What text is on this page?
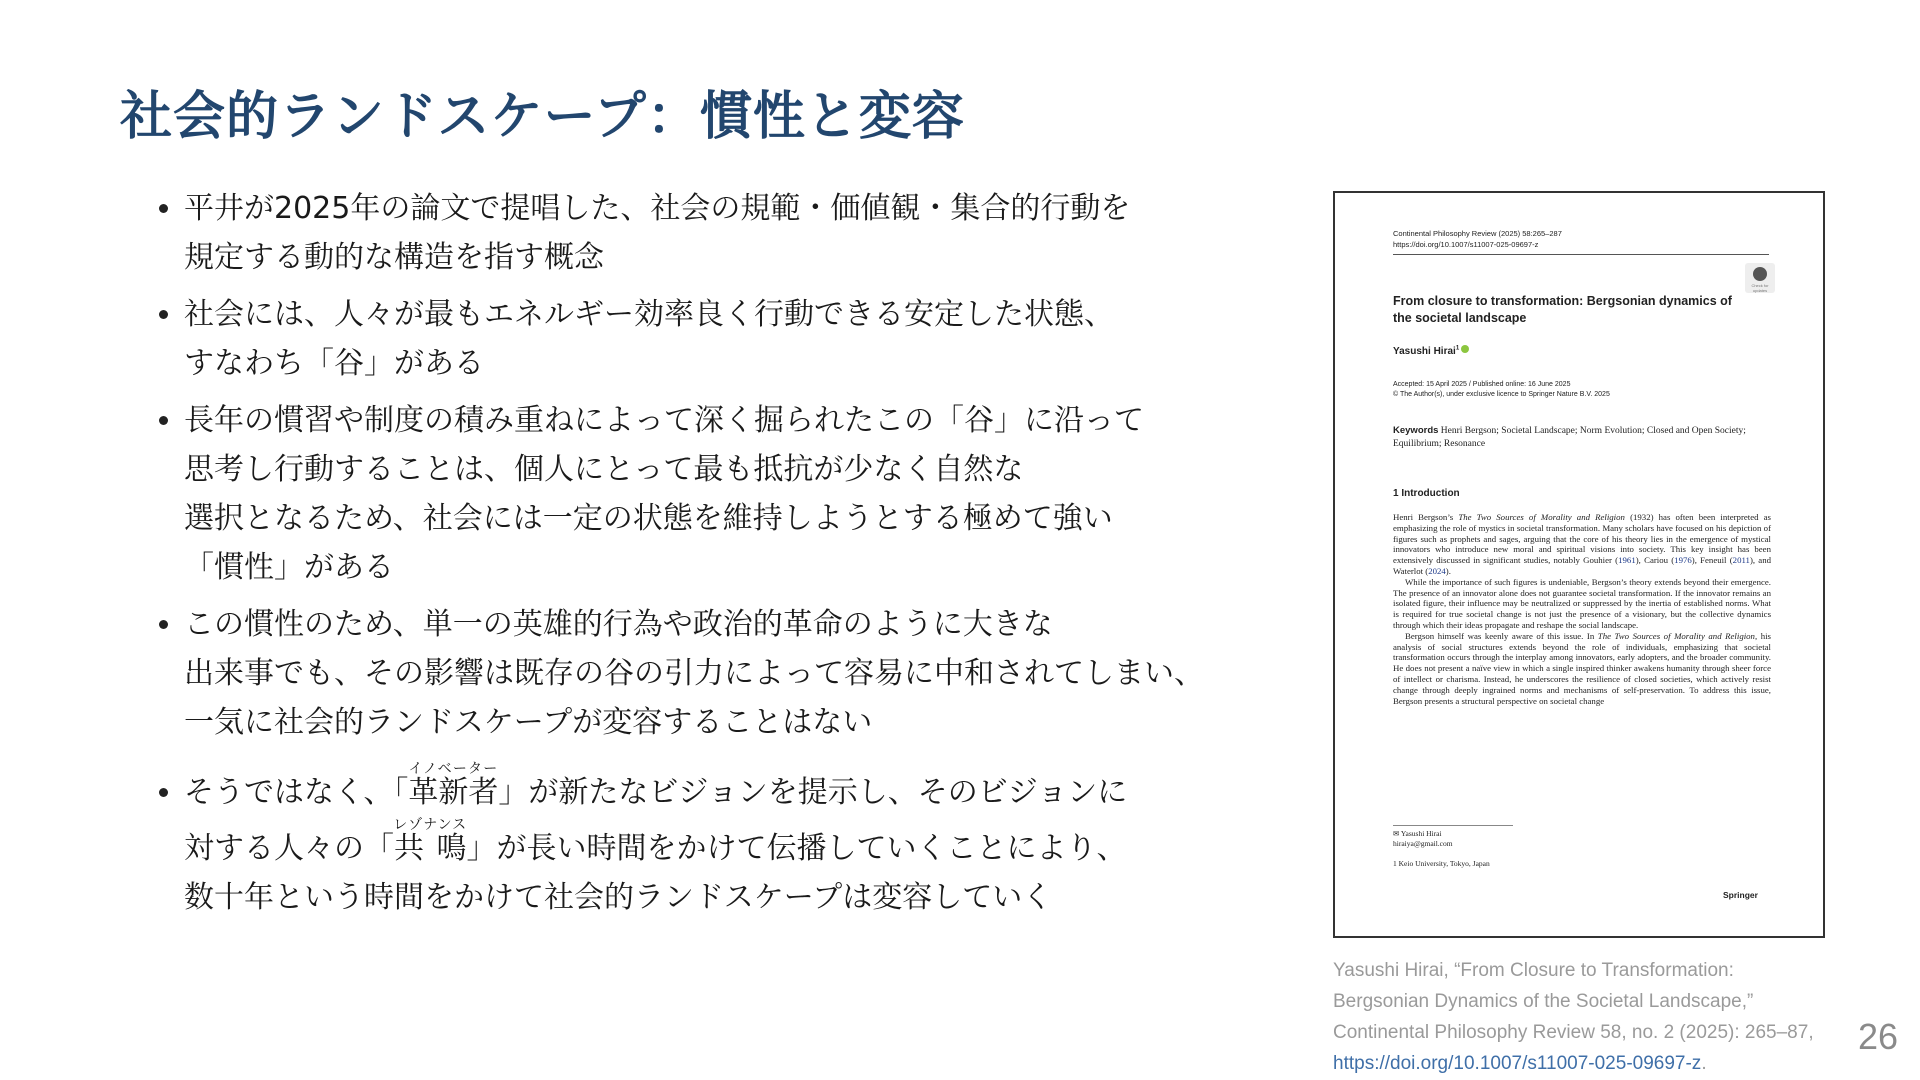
社会的ランドスケープ：慣性と変容
• 平井が2025年の論文で提唱した、社会の規範・価値観・集合的行動を
規定する動的な構造を指す概念
• 社会には、人々が最もエネルギー効率良く行動できる安定した状態、
すなわち「谷」がある
• 長年の慣習や制度の積み重ねによって深く掘られたこの「谷」に沿って
思考し行動することは、個人にとって最も抵抗が少なく自然な
選択となるため、社会には一定の状態を維持しようとする極めて強い
「慣性」がある
• この慣性のため、単一の英雄的行為や政治的革命のように大きな
出来事でも、その影響は既存の谷の引力によって容易に中和されてしまい、
一気に社会的ランドスケープが変容することはない
• そうではなく、「革新者イノベーター」が新たなビジョンを提示し、そのビジョンに
対する人々の「共 鳴レゾナンス」が長い時間をかけて伝播していくことにより、
数十年という時間をかけて社会的ランドスケープは変容していく
Continental Philosophy Review (2025) 58:265–287
https://doi.org/10.1007/s11007-025-09697-z
Check for updates
From closure to transformation: Bergsonian dynamics of the societal landscape
Yasushi Hirai$^1$
Accepted: 15 April 2025 / Published online: 16 June 2025
© The Author(s), under exclusive licence to Springer Nature B.V. 2025
Keywords Henri Bergson; Societal Landscape; Norm Evolution; Closed and Open Society; Equilibrium; Resonance
1 Introduction

Henri Bergson’s The Two Sources of Morality and Religion (1932) has often been interpreted as emphasizing the role of mystics in societal transformation. Many scholars have focused on his depiction of figures such as prophets and sages, arguing that the core of his theory lies in the emergence of mystical innovators who introduce new moral and spiritual visions into society. This key insight has been extensively discussed in significant studies, notably Gouhier (1961), Cariou (1976), Feneuil (2011), and Waterlot (2024).

While the importance of such figures is undeniable, Bergson’s theory extends beyond their emergence. The presence of an innovator alone does not guarantee societal transformation. If the innovator remains an isolated figure, their influence may be neutralized or suppressed by the inertia of established norms. What is required for true societal change is not just the presence of a visionary, but the collective dynamics through which their ideas propagate and reshape the social landscape.

Bergson himself was keenly aware of this issue. In The Two Sources of Morality and Religion, his analysis of social structures extends beyond the role of individuals, emphasizing that societal transformation occurs through the interplay among innovators, early adopters, and the broader community. He does not present a naïve view in which a single inspired thinker awakens humanity through sheer force of intellect or charisma. Instead, he underscores the resilience of closed societies, which actively resist change through deeply ingrained norms and mechanisms of self-preservation. To address this issue, Bergson presents a structural perspective on societal change

✉ Yasushi Hirai
hiraiya@gmail.com
1 Keio University, Tokyo, Japan
Springer

Yasushi Hirai, “From Closure to Transformation: Bergsonian Dynamics of the Societal Landscape,” Continental Philosophy Review 58, no. 2 (2025): 265–87, https://doi.org/10.1007/s11007-025-09697-z.

26
